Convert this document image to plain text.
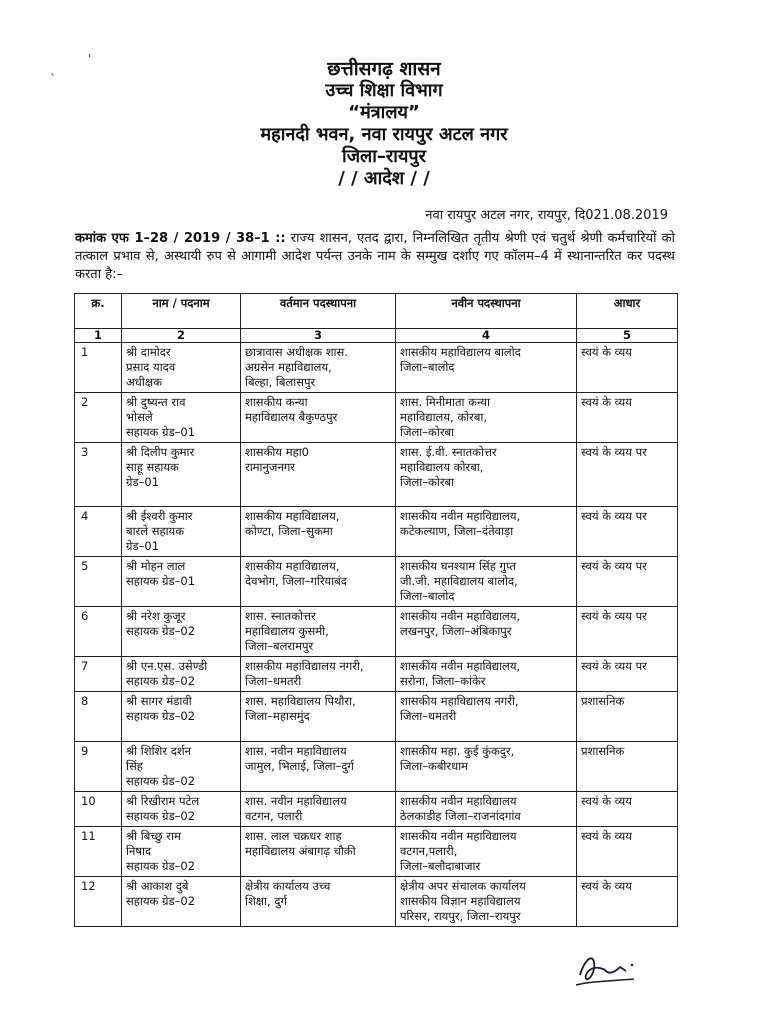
`
'	छत्तीसगढ़ शासन
उच्च शिक्षा विभाग
“मंत्रालय”
महानदी भवन, नवा रायपुर अटल नगर
जिला–रायपुर
/ / आदेश / /
नवा रायपुर अटल नगर, रायपुर, दि02‌1.08.2019
कमांक एफ 1–28 / 2019 / 38–1 :: राज्य शासन, एतद द्वारा, निम्नलिखित तृतीय श्रेणी एवं चतुर्थ श्रेणी कर्मचारियों को तत्काल प्रभाव से, अस्थायी रुप से आगामी आदेश पर्यन्त उनके नाम के सम्मुख दर्शाए गए कॉलम–4 में स्थानान्तरित कर पदस्थ करता है:–
क्र.	नाम / पदनाम	वर्तमान पदस्थापना	नवीन पदस्थापना	आधार
1	2	3	4	5
1	श्री दामोदर
प्रसाद यादव
अधीक्षक	छात्रावास अधीक्षक शास.
अग्रसेन महाविद्यालय,
बिल्हा, बिलासपुर	शासकीय महाविद्यालय बालोद
जिला–बालोद	स्वयं के व्यय
2	श्री दुष्यन्त राव
भोसले
सहायक ग्रेड–01	शासकीय कन्या
महाविद्यालय बैकुण्ठपुर	शास. मिनीमाता कन्या
महाविद्यालय, कोरबा,
जिला–कोरबा	स्वयं के व्यय
3	श्री दिलीप कुमार
साहू सहायक
ग्रेड–01	शासकीय महा0
रामानुजनगर	शास. ई.वी. स्नातकोत्तर
महाविद्यालय कोरबा,
जिला–कोरबा	स्वयं के व्यय पर
4	श्री ईश्वरी कुमार
बारले सहायक
ग्रेड–01	शासकीय महाविद्यालय,
कोण्टा, जिला–सुकमा	शासकीय नवीन महाविद्यालय,
कटेकल्याण, जिला–दंतेवाड़ा	स्वयं के व्यय पर
5	श्री मोहन लाल
सहायक ग्रेड–01	शासकीय महाविद्यालय,
देवभोग, जिला–गरियाबंद	शासकीय घनश्याम सिंह गुप्त
जी.जी. महाविद्यालय बालोद,
जिला–बालोद	स्वयं के व्यय पर
6	श्री नरेश कुजूर
सहायक ग्रेड–02	शास. स्नातकोत्तर
महाविद्यालय कुसमी,
जिला–बलरामपुर	शासकीय नवीन महाविद्यालय,
लखनपुर, जिला–अंबिकापुर	स्वयं के व्यय पर
7	श्री एन.एस. उसेण्डी
सहायक ग्रेड–02	शासकीय महाविद्यालय नगरी,
जिला–धमतरी	शासकीय नवीन महाविद्यालय,
सरोना, जिला–कांकेर	स्वयं के व्यय पर
8	श्री सागर मंडावी
सहायक ग्रेड–02	शास. महाविद्यालय पिथौरा,
जिला–महासमुंद	शासकीय महाविद्यालय नगरी,
जिला–धमतरी	प्रशासनिक
9	श्री शिशिर दर्शन
सिंह
सहायक ग्रेड–02	शास. नवीन महाविद्यालय
जामुल, भिलाई, जिला–दुर्ग	शासकीय महा. कुई कुंकदुर,
जिला–कबीरधाम	प्रशासनिक
10	श्री रिखीराम पटेल
सहायक ग्रेड–02	शास. नवीन महाविद्यालय
वटगन, पलारी	शासकीय नवीन महाविद्यालय
ठेलकाडीह जिला–राजनांदगांव	स्वयं के व्यय
11	श्री बिच्छु राम
निषाद
सहायक ग्रेड–02	शास. लाल चक्रधर शाह
महाविद्यालय अंबागढ़ चौकी	शासकीय नवीन महाविद्यालय
वटगन,पलारी,
जिला–बलौदाबाजार	स्वयं के व्यय
12	श्री आकाश दुबे
सहायक ग्रेड–02	क्षेत्रीय कार्यालय उच्च
शिक्षा, दुर्ग	क्षेत्रीय अपर संचालक कार्यालय
शासकीय विज्ञान महाविद्यालय
परिसर, रायपुर, जिला–रायपुर	स्वयं के व्यय
